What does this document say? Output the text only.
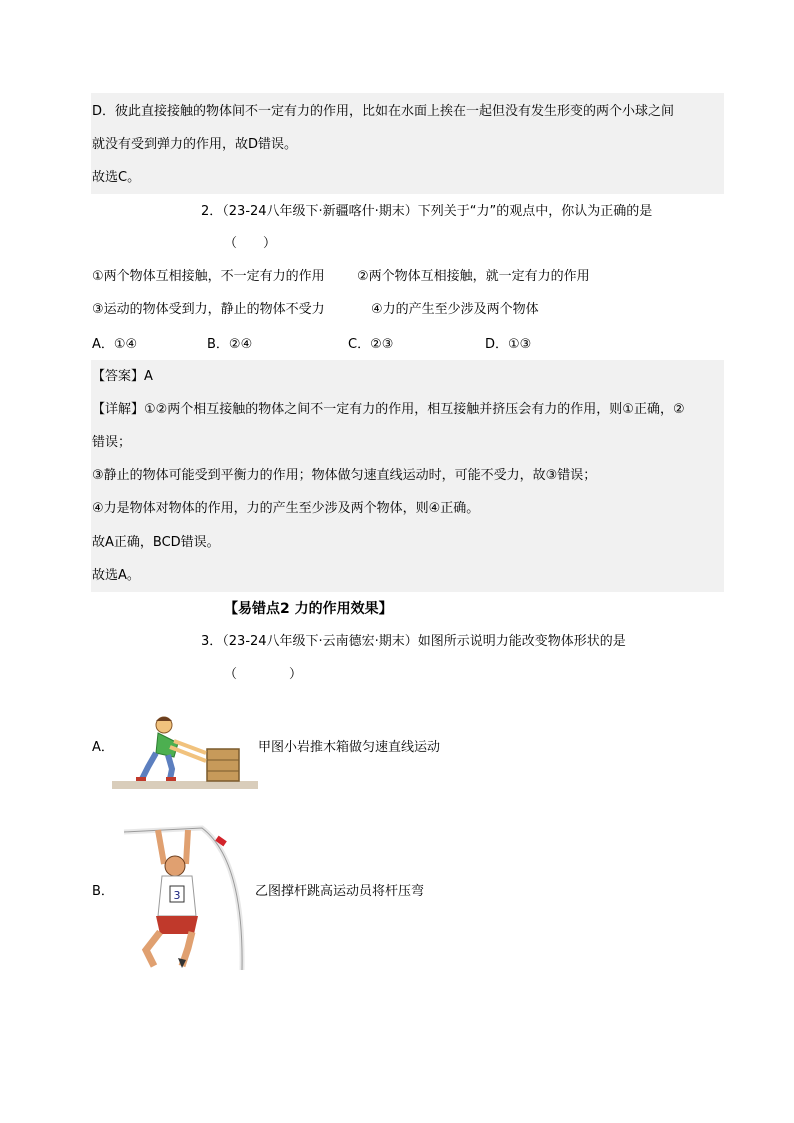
D．彼此直接接触的物体间不一定有力的作用，比如在水面上挨在一起但没有发生形变的两个小球之间
就没有受到弹力的作用，故D错误。
故选C。
2．（23-24八年级下·新疆喀什·期末）下列关于“力”的观点中，你认为正确的是
（　　）
①两个物体互相接触，不一定有力的作用 ②两个物体互相接触，就一定有力的作用
③运动的物体受到力，静止的物体不受力	④力的产生至少涉及两个物体
A．①④	B．②④	C．②③	D．①③
【答案】A
【详解】①②两个相互接触的物体之间不一定有力的作用，相互接触并挤压会有力的作用，则①正确，②
错误；
③静止的物体可能受到平衡力的作用；物体做匀速直线运动时，可能不受力，故③错误；
④力是物体对物体的作用，力的产生至少涉及两个物体，则④正确。
故A正确，BCD错误。
故选A。
【易错点2 力的作用效果】
3．（23-24八年级下·云南德宏·期末）如图所示说明力能改变物体形状的是
（　　　　）
A．	甲图小岩推木箱做匀速直线运动
B．	乙图撑杆跳高运动员将杆压弯
3
